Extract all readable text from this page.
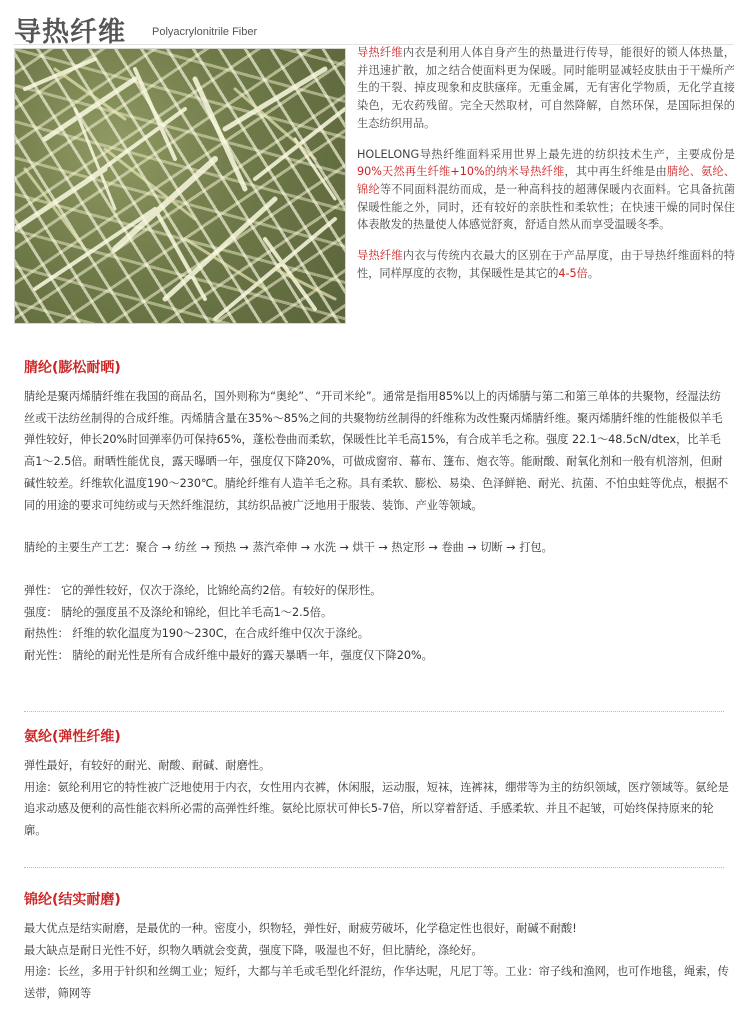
导热纤维 Polyacrylonitrile Fiber

导热纤维内衣是利用人体自身产生的热量进行传导，能很好的锁人体热量，并迅速扩散，加之结合使面料更为保暖。同时能明显减轻皮肤由于干燥所产生的干裂、掉皮现象和皮肤瘙痒。无重金属，无有害化学物质，无化学直接染色，无农药残留。完全天然取材，可自然降解，自然环保，是国际担保的生态纺织用品。

HOLELONG导热纤维面料采用世界上最先进的纺织技术生产，主要成份是90%天然再生纤维+10%的纳米导热纤维，其中再生纤维是由腈纶、氨纶、锦纶等不同面料混纺而成，是一种高科技的超薄保暖内衣面料。它具备抗菌保暖性能之外，同时，还有较好的亲肤性和柔软性；在快速干燥的同时保住体表散发的热量使人体感觉舒爽，舒适自然从而享受温暖冬季。

导热纤维内衣与传统内衣最大的区别在于产品厚度，由于导热纤维面料的特性，同样厚度的衣物，其保暖性是其它的4-5倍。

腈纶(膨松耐晒)

腈纶是聚丙烯腈纤维在我国的商品名，国外则称为“奥纶”、“开司米纶”。通常是指用85%以上的丙烯腈与第二和第三单体的共聚物，经湿法纺丝或干法纺丝制得的合成纤维。丙烯腈含量在35%～85%之间的共聚物纺丝制得的纤维称为改性聚丙烯腈纤维。聚丙烯腈纤维的性能极似羊毛弹性较好，伸长20%时回弹率仍可保持65%，蓬松卷曲而柔软，保暖性比羊毛高15%，有合成羊毛之称。强度 22.1～48.5cN/dtex，比羊毛高1～2.5倍。耐晒性能优良，露天曝晒一年，强度仅下降20%，可做成窗帘、幕布、篷布、炮衣等。能耐酸、耐氧化剂和一般有机溶剂，但耐碱性较差。纤维软化温度190～230℃。腈纶纤维有人造羊毛之称。具有柔软、膨松、易染、色泽鲜艳、耐光、抗菌、不怕虫蛀等优点，根据不同的用途的要求可纯纺或与天然纤维混纺，其纺织品被广泛地用于服装、装饰、产业等领域。

腈纶的主要生产工艺：聚合 → 纺丝 → 预热 → 蒸汽牵伸 → 水洗 → 烘干 → 热定形 → 卷曲 → 切断 → 打包。

弹性： 它的弹性较好，仅次于涤纶，比锦纶高约2倍。有较好的保形性。

强度： 腈纶的强度虽不及涤纶和锦纶，但比羊毛高1～2.5倍。

耐热性： 纤维的软化温度为190～230C，在合成纤维中仅次于涤纶。

耐光性： 腈纶的耐光性是所有合成纤维中最好的露天暴晒一年，强度仅下降20%。

氨纶(弹性纤维)

弹性最好，有较好的耐光、耐酸、耐碱、耐磨性。

用途：氨纶利用它的特性被广泛地使用于内衣，女性用内衣裤，休闲服，运动服，短袜，连裤袜，绷带等为主的纺织领域，医疗领域等。氨纶是追求动感及便利的高性能衣料所必需的高弹性纤维。氨纶比原状可伸长5-7倍，所以穿着舒适、手感柔软、并且不起皱，可始终保持原来的轮廓。

锦纶(结实耐磨)

最大优点是结实耐磨，是最优的一种。密度小，织物轻，弹性好，耐疲劳破坏，化学稳定性也很好，耐碱不耐酸!

最大缺点是耐日光性不好，织物久晒就会变黄，强度下降，吸湿也不好，但比腈纶，涤纶好。

用途：长丝，多用于针织和丝绸工业；短纤，大都与羊毛或毛型化纤混纺，作华达呢，凡尼丁等。工业：帘子线和渔网，也可作地毯，绳索，传送带，筛网等
